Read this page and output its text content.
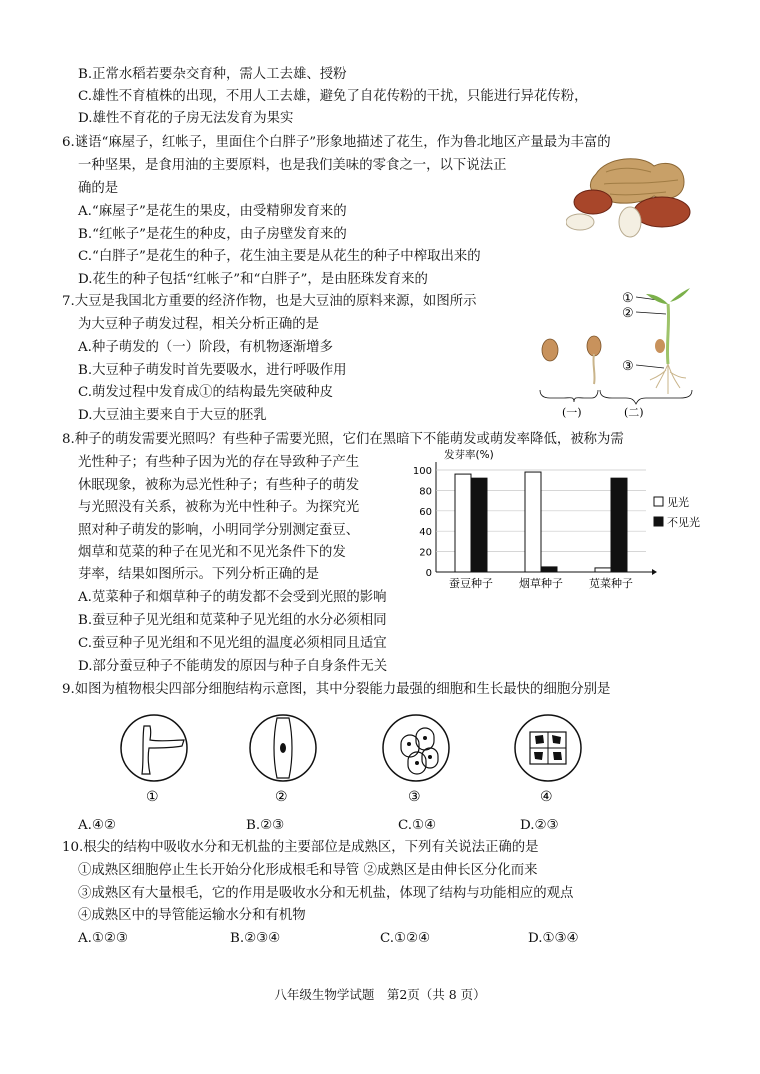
B.正常水稻若要杂交育种，需人工去雄、授粉
C.雄性不育植株的出现，不用人工去雄，避免了自花传粉的干扰，只能进行异花传粉，
D.雄性不育花的子房无法发育为果实
6.谜语“麻屋子，红帐子，里面住个白胖子”形象地描述了花生，作为鲁北地区产量最为丰富的
一种坚果，是食用油的主要原料，也是我们美味的零食之一，以下说法正
确的是
A.“麻屋子”是花生的果皮，由受精卵发育来的
B.“红帐子”是花生的种皮，由子房壁发育来的
C.“白胖子”是花生的种子，花生油主要是从花生的种子中榨取出来的
D.花生的种子包括“红帐子”和“白胖子”，是由胚珠发育来的
7.大豆是我国北方重要的经济作物，也是大豆油的原料来源，如图所示
为大豆种子萌发过程，相关分析正确的是
A.种子萌发的（一）阶段，有机物逐渐增多
B.大豆种子萌发时首先要吸水，进行呼吸作用
C.萌发过程中发育成①的结构最先突破种皮
D.大豆油主要来自于大豆的胚乳
①
②
③
(一)	(二)
8.种子的萌发需要光照吗？有些种子需要光照，它们在黑暗下不能萌发或萌发率降低，被称为需
光性种子；有些种子因为光的存在导致种子产生
休眠现象，被称为忌光性种子；有些种子的萌发
与光照没有关系，被称为光中性种子。为探究光
照对种子萌发的影响，小明同学分别测定蚕豆、
烟草和苋菜的种子在见光和不见光条件下的发
芽率，结果如图所示。下列分析正确的是
A.苋菜种子和烟草种子的萌发都不会受到光照的影响
B.蚕豆种子见光组和苋菜种子见光组的水分必须相同
C.蚕豆种子见光组和不见光组的温度必须相同且适宜
D.部分蚕豆种子不能萌发的原因与种子自身条件无关
发芽率(%)
0
20
40
60
80
100
蚕豆种子 烟草种子 苋菜种子
见光
不见光
9.如图为植物根尖四部分细胞结构示意图，其中分裂能力最强的细胞和生长最快的细胞分别是
①	②	③	④
A.④②	B.②③	C.①④	D.②③
10.根尖的结构中吸收水分和无机盐的主要部位是成熟区，下列有关说法正确的是
①成熟区细胞停止生长开始分化形成根毛和导管 ②成熟区是由伸长区分化而来
③成熟区有大量根毛，它的作用是吸收水分和无机盐，体现了结构与功能相应的观点
④成熟区中的导管能运输水分和有机物
A.①②③	B.②③④	C.①②④	D.①③④
八年级生物学试题　第2页（共 8 页）
